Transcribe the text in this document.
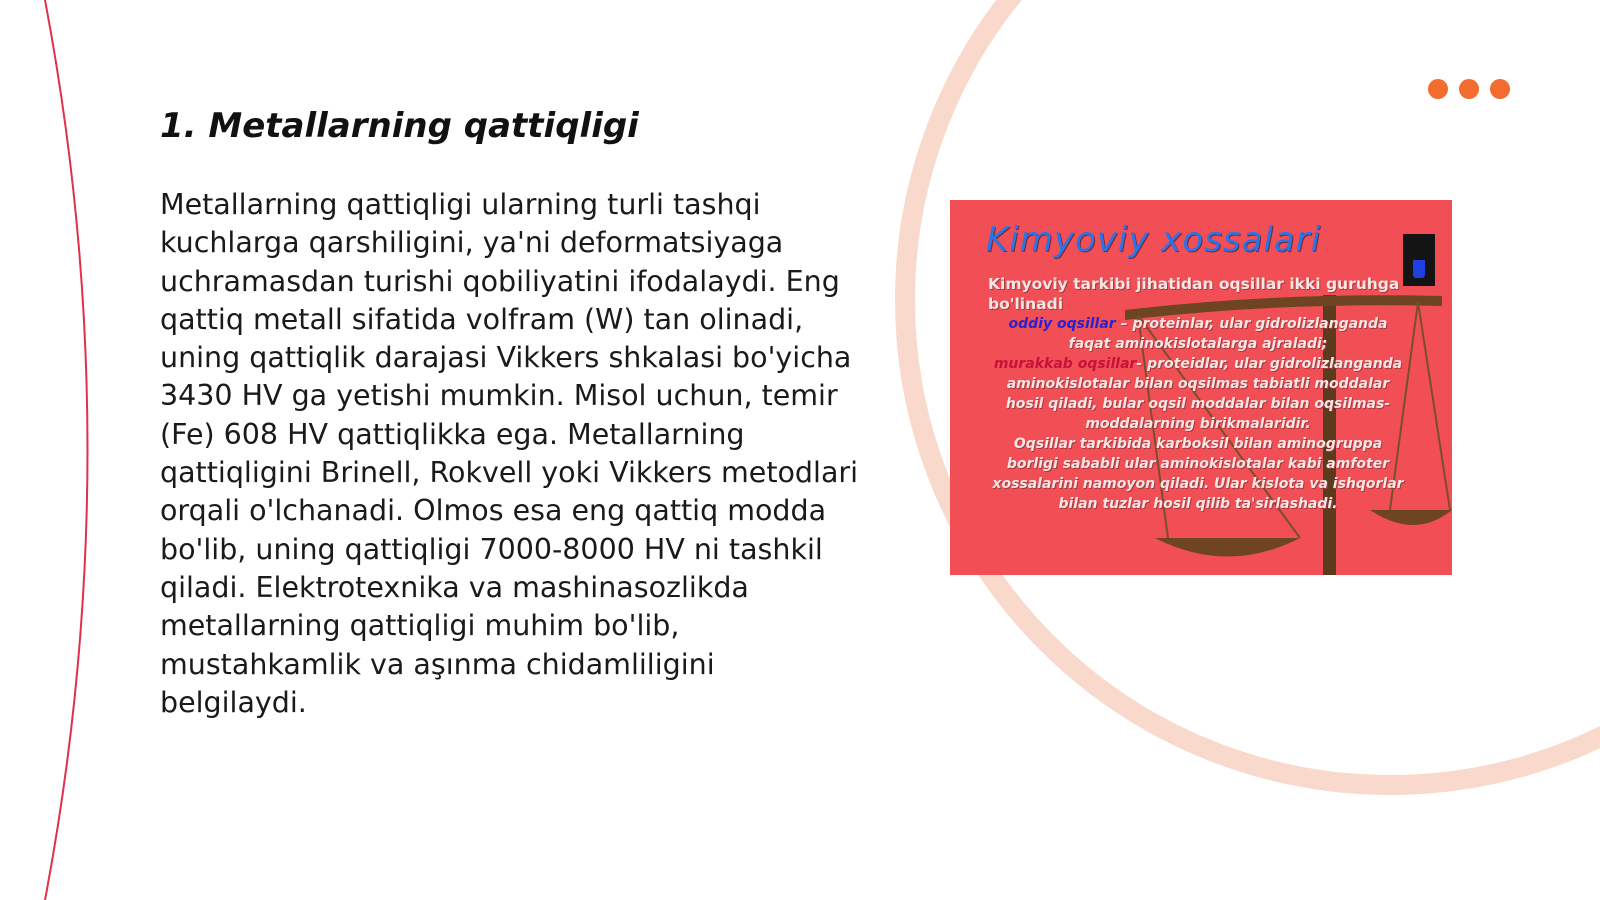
1. Metallarning qattiqligi

Metallarning qattiqligi ularning turli tashqi kuchlarga qarshiligini, ya'ni deformatsiyaga uchramasdan turishi qobiliyatini ifodalaydi. Eng qattiq metall sifatida volfram (W) tan olinadi, uning qattiqlik darajasi Vikkers shkalasi bo'yicha 3430 HV ga yetishi mumkin. Misol uchun, temir (Fe) 608 HV qattiqlikka ega. Metallarning qattiqligini Brinell, Rokvell yoki Vikkers metodlari orqali o'lchanadi. Olmos esa eng qattiq modda bo'lib, uning qattiqligi 7000-8000 HV ni tashkil qiladi. Elektrotexnika va mashinasozlikda metallarning qattiqligi muhim bo'lib, mustahkamlik va aşınma chidamliligini belgilaydi.

Kimyoviy xossalari

Kimyoviy tarkibi jihatidan oqsillar ikki guruhga bo'linadi

oddiy oqsillar – proteinlar, ular gidrolizlanganda faqat aminokislotalarga ajraladi;

murakkab oqsillar- proteidlar, ular gidrolizlanganda aminokislotalar bilan oqsilmas tabiatli moddalar hosil qiladi, bular oqsil moddalar bilan oqsilmas-moddalarning birikmalaridir.

Oqsillar tarkibida karboksil bilan aminogruppa borligi sababli ular aminokislotalar kabi amfoter xossalarini namoyon qiladi. Ular kislota va ishqorlar bilan tuzlar hosil qilib ta'sirlashadi.
